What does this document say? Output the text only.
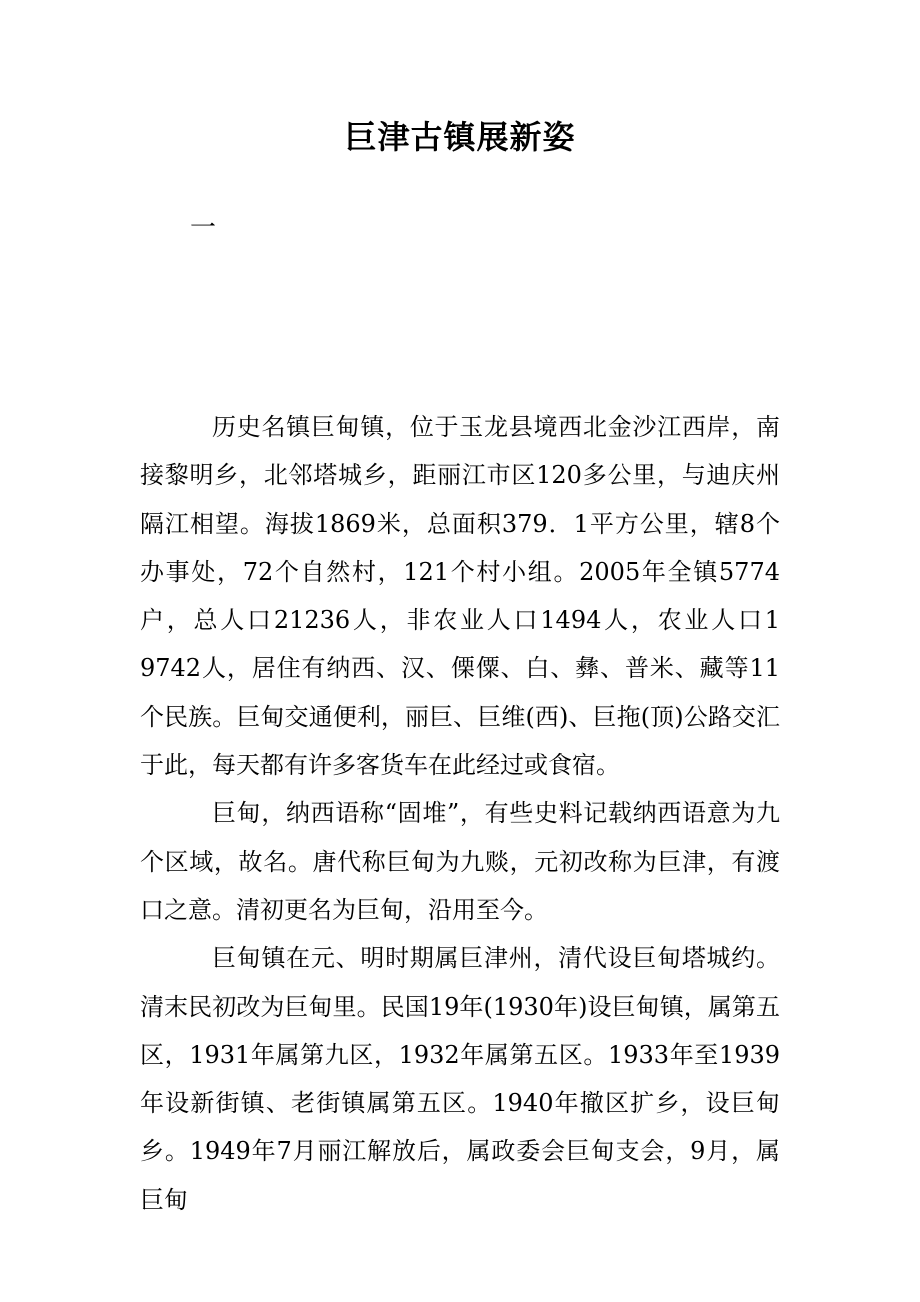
巨津古镇展新姿
一

历史名镇巨甸镇，位于玉龙县境西北金沙江西岸，南接黎明乡，北邻塔城乡，距丽江市区120多公里，与迪庆州隔江相望。海拔1869米，总面积379．1平方公里，辖8个办事处，72个自然村，121个村小组。2005年全镇5774户，总人口21236人，非农业人口1494人，农业人口1 9742人，居住有纳西、汉、傈僳、白、彝、普米、藏等11个民族。巨甸交通便利，丽巨、巨维(西)、巨拖(顶)公路交汇于此，每天都有许多客货车在此经过或食宿。

巨甸，纳西语称“固堆”，有些史料记载纳西语意为九个区域，故名。唐代称巨甸为九赕，元初改称为巨津，有渡口之意。清初更名为巨甸，沿用至今。

巨甸镇在元、明时期属巨津州，清代设巨甸塔城约。清末民初改为巨甸里。民国19年(1930年)设巨甸镇，属第五区，1931年属第九区，1932年属第五区。1933年至1939年设新街镇、老街镇属第五区。1940年撤区扩乡，设巨甸乡。1949年7月丽江解放后，属政委会巨甸支会，9月，属巨甸
